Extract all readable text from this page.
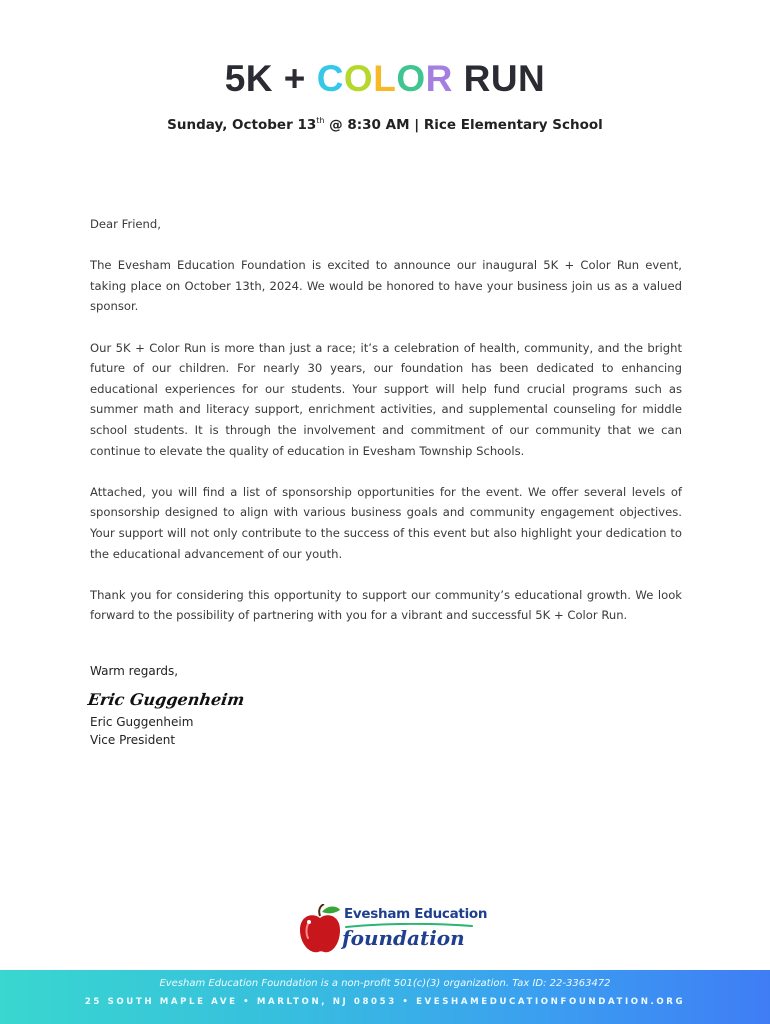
5K + COLOR RUN
Sunday, October 13th @ 8:30 AM | Rice Elementary School

Dear Friend,

The Evesham Education Foundation is excited to announce our inaugural 5K + Color Run event, taking place on October 13th, 2024. We would be honored to have your business join us as a valued sponsor.

Our 5K + Color Run is more than just a race; it’s a celebration of health, community, and the bright future of our children. For nearly 30 years, our foundation has been dedicated to enhancing educational experiences for our students. Your support will help fund crucial programs such as summer math and literacy support, enrichment activities, and supplemental counseling for middle school students. It is through the involvement and commitment of our community that we can continue to elevate the quality of education in Evesham Township Schools.

Attached, you will find a list of sponsorship opportunities for the event. We offer several levels of sponsorship designed to align with various business goals and community engagement objectives. Your support will not only contribute to the success of this event but also highlight your dedication to the educational advancement of our youth.

Thank you for considering this opportunity to support our community’s educational growth. We look forward to the possibility of partnering with you for a vibrant and successful 5K + Color Run.

Warm regards,
Eric Guggenheim
Eric Guggenheim
Vice President
Evesham Education
foundation
Evesham Education Foundation is a non-profit 501(c)(3) organization. Tax ID: 22-3363472
25 SOUTH MAPLE AVE • MARLTON, NJ 08053 • EVESHAMEDUCATIONFOUNDATION.ORG
